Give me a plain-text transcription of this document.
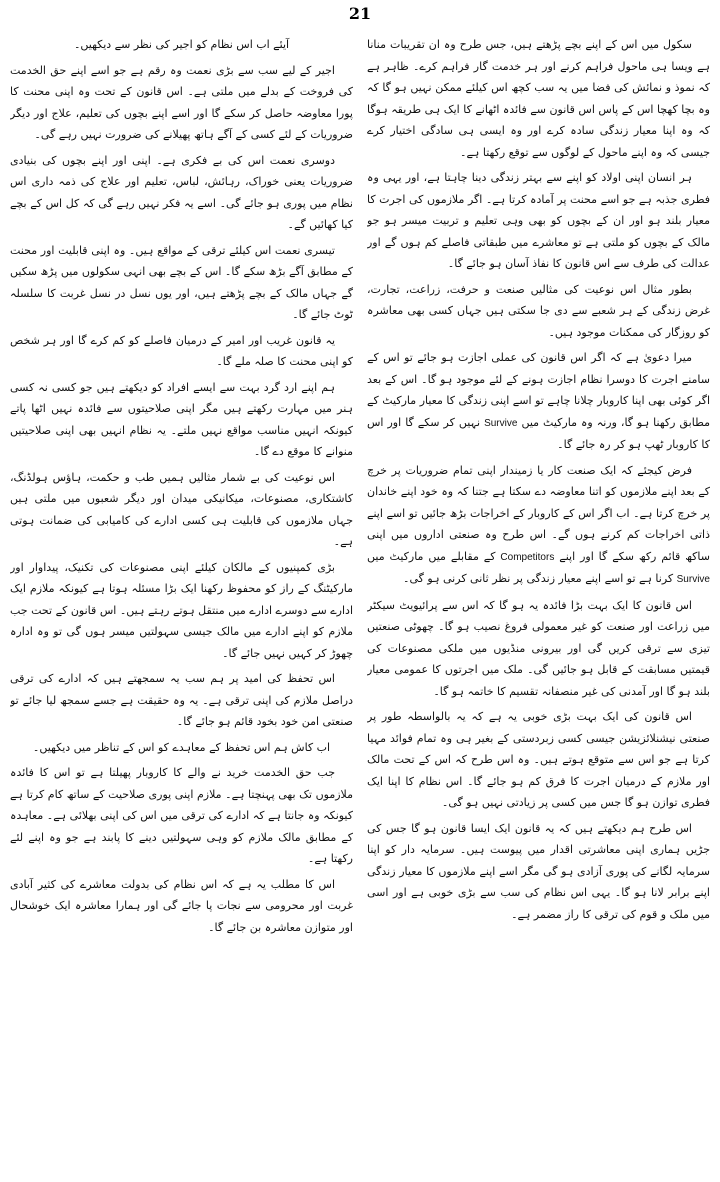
21

سکول میں اس کے اپنے بچے پڑھتے ہیں، جس طرح وہ ان تقریبات منانا ہے ویسا ہی ماحول فراہم کرنے اور ہر خدمت گار فراہم کرے۔ ظاہر ہے کہ نموذ و نمائش کی فضا میں یہ سب کچھ اس کیلئے ممکن نہیں ہو گا کہ وہ بچا کھچا اس کے پاس اس قانون سے فائدہ اٹھانے کا ایک ہی طریقہ ہوگا کہ وہ اپنا معیار زندگی سادہ کرے اور وہ ایسی ہی سادگی اختیار کرے جیسی کہ وہ اپنے ماحول کے لوگوں سے توقع رکھتا ہے۔

ہر انسان اپنی اولاد کو اپنے سے بہتر زندگی دینا چاہتا ہے، اور یہی وہ فطری جذبہ ہے جو اسے محنت پر آمادہ کرتا ہے۔ اگر ملازموں کی اجرت کا معیار بلند ہو اور ان کے بچوں کو بھی وہی تعلیم و تربیت میسر ہو جو مالک کے بچوں کو ملتی ہے تو معاشرے میں طبقاتی فاصلے کم ہوں گے اور عدالت کی طرف سے اس قانون کا نفاذ آسان ہو جائے گا۔

بطور مثال اس نوعیت کی مثالیں صنعت و حرفت، زراعت، تجارت، غرض زندگی کے ہر شعبے سے دی جا سکتی ہیں جہاں کسی بھی معاشرہ کو روزگار کی ممکنات موجود ہیں۔

میرا دعویٰ ہے کہ اگر اس قانون کی عملی اجازت ہو جائے تو اس کے سامنے اجرت کا دوسرا نظام اجازت ہونے کے لئے موجود ہو گا۔ اس کے بعد اگر کوئی بھی اپنا کاروبار چلانا چاہے تو اسے اپنی زندگی کا معیار مارکیٹ کے مطابق رکھنا ہو گا، ورنہ وہ مارکیٹ میں Survive نہیں کر سکے گا اور اس کا کاروبار ٹھپ ہو کر رہ جائے گا۔

فرض کیجئے کہ ایک صنعت کار یا زمیندار اپنی تمام ضروریات پر خرچ کے بعد اپنے ملازموں کو اتنا معاوضہ دے سکتا ہے جتنا کہ وہ خود اپنے خاندان پر خرچ کرتا ہے۔ اب اگر اس کے کاروبار کے اخراجات بڑھ جائیں تو اسے اپنے ذاتی اخراجات کم کرنے ہوں گے۔ اس طرح وہ صنعتی اداروں میں اپنی ساکھ قائم رکھ سکے گا اور اپنے Competitors کے مقابلے میں مارکیٹ میں Survive کرنا ہے تو اسے اپنے معیار زندگی پر نظر ثانی کرنی ہو گی۔

اس قانون کا ایک بہت بڑا فائدہ یہ ہو گا کہ اس سے پرائیویٹ سیکٹر میں زراعت اور صنعت کو غیر معمولی فروغ نصیب ہو گا۔ چھوٹی صنعتیں تیزی سے ترقی کریں گی اور بیرونی منڈیوں میں ملکی مصنوعات کی قیمتیں مسابقت کے قابل ہو جائیں گی۔ ملک میں اجرتوں کا عمومی معیار بلند ہو گا اور آمدنی کی غیر منصفانہ تقسیم کا خاتمہ ہو گا۔

اس قانون کی ایک بہت بڑی خوبی یہ ہے کہ یہ بالواسطہ طور پر صنعتی نیشنلائزیشن جیسی کسی زبردستی کے بغیر ہی وہ تمام فوائد مہیا کرتا ہے جو اس سے متوقع ہوتے ہیں۔ وہ اس طرح کہ اس کے تحت مالک اور ملازم کے درمیان اجرت کا فرق کم ہو جائے گا۔ اس نظام کا اپنا ایک فطری توازن ہو گا جس میں کسی پر زیادتی نہیں ہو گی۔

اس طرح ہم دیکھتے ہیں کہ یہ قانون ایک ایسا قانون ہو گا جس کی جڑیں ہماری اپنی معاشرتی اقدار میں پیوست ہیں۔ سرمایہ دار کو اپنا سرمایہ لگانے کی پوری آزادی ہو گی مگر اسے اپنے ملازموں کا معیار زندگی اپنے برابر لانا ہو گا۔ یہی اس نظام کی سب سے بڑی خوبی ہے اور اسی میں ملک و قوم کی ترقی کا راز مضمر ہے۔

آیئے اب اس نظام کو اجیر کی نظر سے دیکھیں۔

اجیر کے لیے سب سے بڑی نعمت وہ رقم ہے جو اسے اپنے حق الخدمت کی فروخت کے بدلے میں ملتی ہے۔ اس قانون کے تحت وہ اپنی محنت کا پورا معاوضہ حاصل کر سکے گا اور اسے اپنے بچوں کی تعلیم، علاج اور دیگر ضروریات کے لئے کسی کے آگے ہاتھ پھیلانے کی ضرورت نہیں رہے گی۔

دوسری نعمت اس کی بے فکری ہے۔ اپنی اور اپنے بچوں کی بنیادی ضروریات یعنی خوراک، رہائش، لباس، تعلیم اور علاج کی ذمہ داری اس نظام میں پوری ہو جائے گی۔ اسے یہ فکر نہیں رہے گی کہ کل اس کے بچے کیا کھائیں گے۔

تیسری نعمت اس کیلئے ترقی کے مواقع ہیں۔ وہ اپنی قابلیت اور محنت کے مطابق آگے بڑھ سکے گا۔ اس کے بچے بھی انہی سکولوں میں پڑھ سکیں گے جہاں مالک کے بچے پڑھتے ہیں، اور یوں نسل در نسل غربت کا سلسلہ ٹوٹ جائے گا۔

یہ قانون غریب اور امیر کے درمیان فاصلے کو کم کرے گا اور ہر شخص کو اپنی محنت کا صلہ ملے گا۔

ہم اپنے ارد گرد بہت سے ایسے افراد کو دیکھتے ہیں جو کسی نہ کسی ہنر میں مہارت رکھتے ہیں مگر اپنی صلاحیتوں سے فائدہ نہیں اٹھا پاتے کیونکہ انہیں مناسب مواقع نہیں ملتے۔ یہ نظام انہیں بھی اپنی صلاحیتیں منوانے کا موقع دے گا۔

اس نوعیت کی بے شمار مثالیں ہمیں طب و حکمت، ہاؤس ہولڈنگ، کاشتکاری، مصنوعات، میکانیکی میدان اور دیگر شعبوں میں ملتی ہیں جہاں ملازموں کی قابلیت ہی کسی ادارے کی کامیابی کی ضمانت ہوتی ہے۔

بڑی کمپنیوں کے مالکان کیلئے اپنی مصنوعات کی تکنیک، پیداوار اور مارکیٹنگ کے راز کو محفوظ رکھنا ایک بڑا مسئلہ ہوتا ہے کیونکہ ملازم ایک ادارے سے دوسرے ادارے میں منتقل ہوتے رہتے ہیں۔ اس قانون کے تحت جب ملازم کو اپنے ادارے میں مالک جیسی سہولتیں میسر ہوں گی تو وہ ادارہ چھوڑ کر کہیں نہیں جائے گا۔

اس تحفظ کی امید پر ہم سب یہ سمجھتے ہیں کہ ادارے کی ترقی دراصل ملازم کی اپنی ترقی ہے۔ یہ وہ حقیقت ہے جسے سمجھ لیا جائے تو صنعتی امن خود بخود قائم ہو جائے گا۔

اب کاش ہم اس تحفظ کے معاہدے کو اس کے تناظر میں دیکھیں۔

جب حق الخدمت خرید نے والے کا کاروبار پھیلتا ہے تو اس کا فائدہ ملازموں تک بھی پہنچتا ہے۔ ملازم اپنی پوری صلاحیت کے ساتھ کام کرتا ہے کیونکہ وہ جانتا ہے کہ ادارے کی ترقی میں اس کی اپنی بھلائی ہے۔ معاہدہ کے مطابق مالک ملازم کو وہی سہولتیں دینے کا پابند ہے جو وہ اپنے لئے رکھتا ہے۔

اس کا مطلب یہ ہے کہ اس نظام کی بدولت معاشرے کی کثیر آبادی غربت اور محرومی سے نجات پا جائے گی اور ہمارا معاشرہ ایک خوشحال اور متوازن معاشرہ بن جائے گا۔
